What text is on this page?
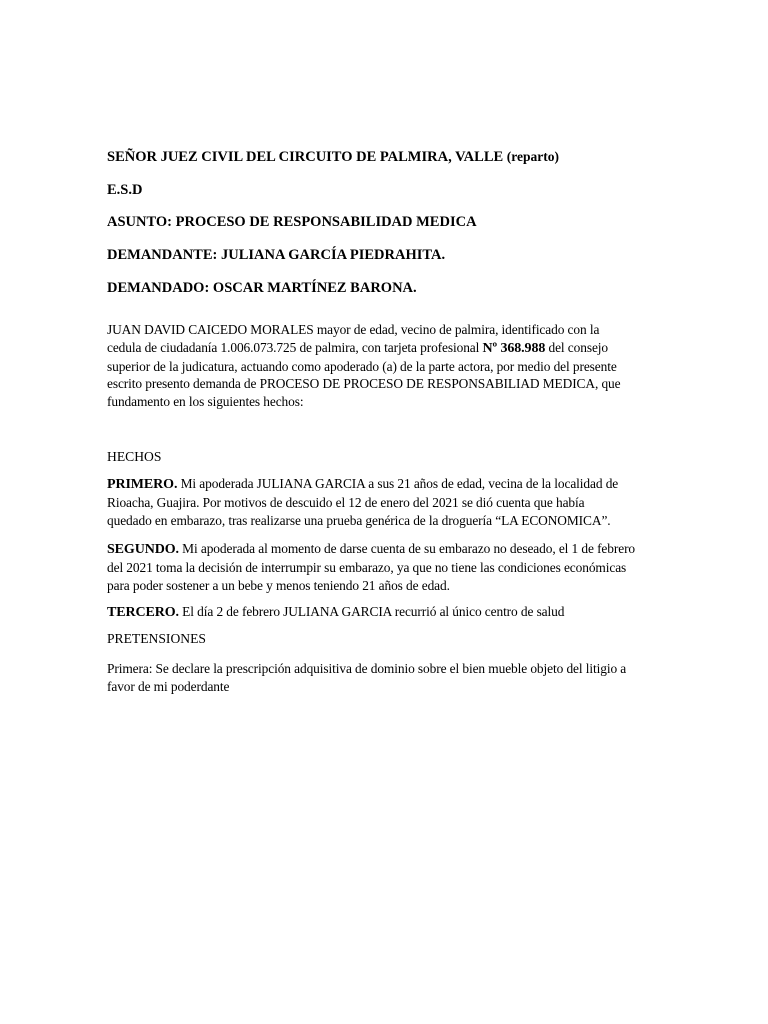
SEÑOR JUEZ CIVIL DEL CIRCUITO DE PALMIRA, VALLE (reparto)

E.S.D

ASUNTO: PROCESO DE RESPONSABILIDAD MEDICA

DEMANDANTE: JULIANA GARCÍA PIEDRAHITA.

DEMANDADO: OSCAR MARTÍNEZ BARONA.

JUAN DAVID CAICEDO MORALES mayor de edad, vecino de palmira, identificado con la
cedula de ciudadanía 1.006.073.725 de palmira, con tarjeta profesional Nº 368.988 del consejo
superior de la judicatura, actuando como apoderado (a) de la parte actora, por medio del presente
escrito presento demanda de PROCESO DE PROCESO DE RESPONSABILIAD MEDICA, que
fundamento en los siguientes hechos:

HECHOS

PRIMERO. Mi apoderada JULIANA GARCIA a sus 21 años de edad, vecina de la localidad de
Rioacha, Guajira. Por motivos de descuido el 12 de enero del 2021 se dió cuenta que había
quedado en embarazo, tras realizarse una prueba genérica de la droguería “LA ECONOMICA”.
SEGUNDO. Mi apoderada al momento de darse cuenta de su embarazo no deseado, el 1 de febrero
del 2021 toma la decisión de interrumpir su embarazo, ya que no tiene las condiciones económicas
para poder sostener a un bebe y menos teniendo 21 años de edad.
TERCERO. El día 2 de febrero JULIANA GARCIA recurrió al único centro de salud

PRETENSIONES

Primera: Se declare la prescripción adquisitiva de dominio sobre el bien mueble objeto del litigio a
favor de mi poderdante
